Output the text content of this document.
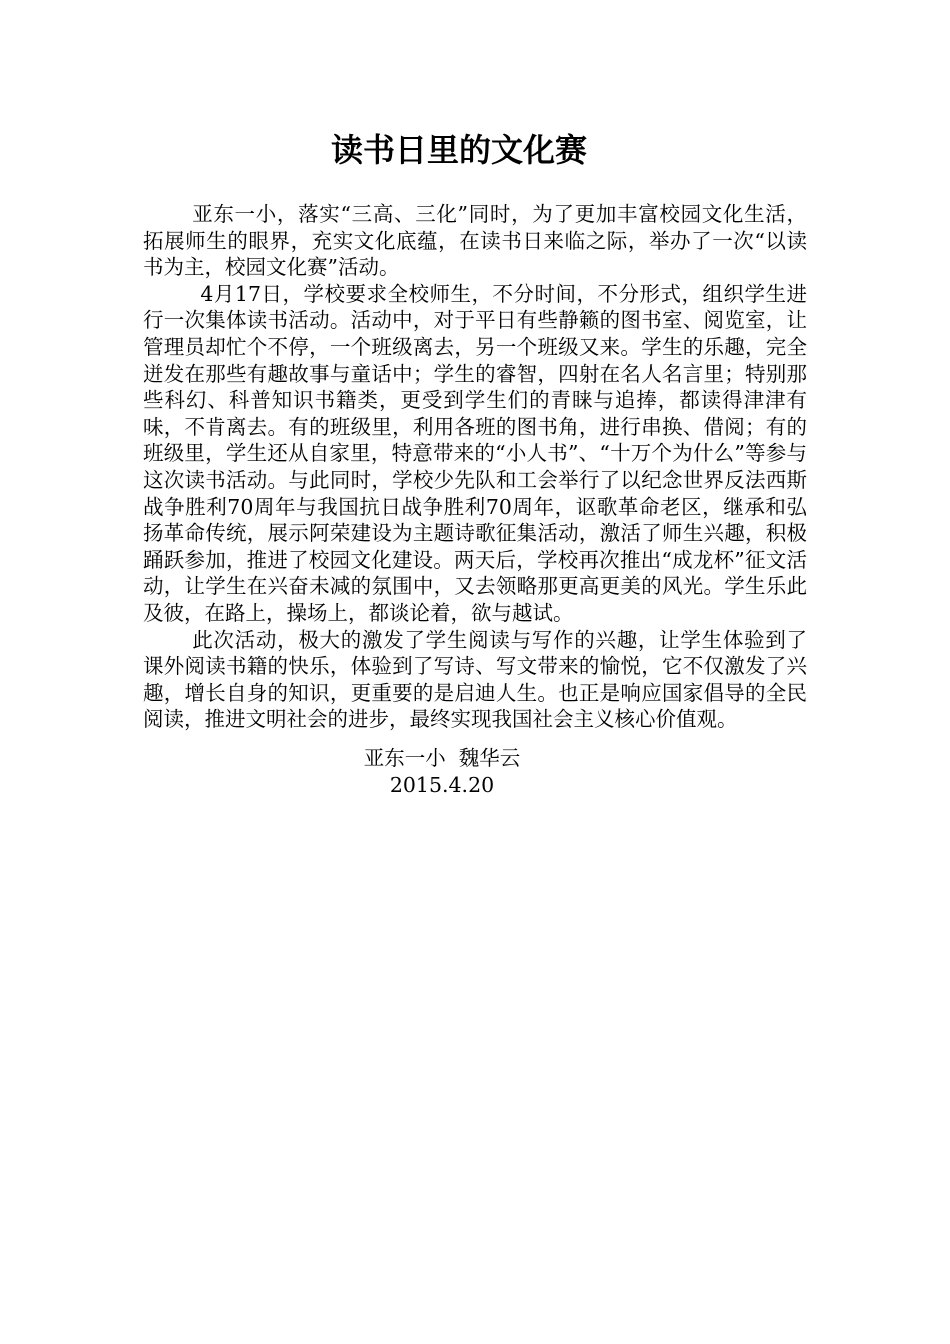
读书日里的文化赛

亚东一小，落实“三高、三化”同时，为了更加丰富校园文化生活，拓展师生的眼界，充实文化底蕴，在读书日来临之际，举办了一次“以读书为主，校园文化赛”活动。

4月17日，学校要求全校师生，不分时间，不分形式，组织学生进行一次集体读书活动。活动中，对于平日有些静籁的图书室、阅览室，让管理员却忙个不停，一个班级离去，另一个班级又来。学生的乐趣，完全迸发在那些有趣故事与童话中；学生的睿智，四射在名人名言里；特别那些科幻、科普知识书籍类，更受到学生们的青睐与追捧，都读得津津有味，不肯离去。有的班级里，利用各班的图书角，进行串换、借阅；有的班级里，学生还从自家里，特意带来的“小人书”、“十万个为什么”等参与这次读书活动。与此同时，学校少先队和工会举行了以纪念世界反法西斯战争胜利70周年与我国抗日战争胜利70周年，讴歌革命老区，继承和弘扬革命传统，展示阿荣建设为主题诗歌征集活动，激活了师生兴趣，积极踊跃参加，推进了校园文化建设。两天后，学校再次推出“成龙杯”征文活动，让学生在兴奋未减的氛围中，又去领略那更高更美的风光。学生乐此及彼，在路上，操场上，都谈论着，欲与越试。

此次活动，极大的激发了学生阅读与写作的兴趣，让学生体验到了课外阅读书籍的快乐，体验到了写诗、写文带来的愉悦，它不仅激发了兴趣，增长自身的知识，更重要的是启迪人生。也正是响应国家倡导的全民阅读，推进文明社会的进步，最终实现我国社会主义核心价值观。

亚东一小  魏华云
2015.4.20
